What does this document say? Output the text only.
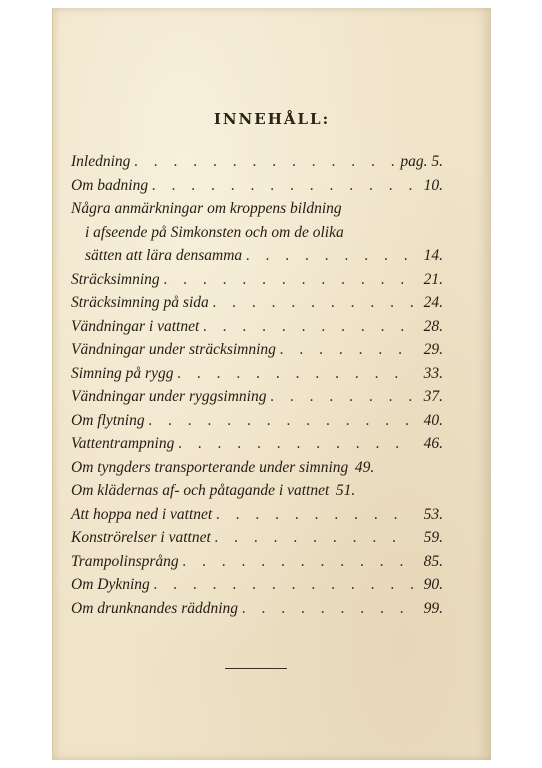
INNEHÅLL:
Inledning . . .	pag. 5.
Om badning . . .	10.
Några anmärkningar om kroppens bildning
i afseende på Simkonsten och om de olika
sätten att lära densamma . . .	14.
Sträcksimning . . .	21.
Sträcksimning på sida . . .	24.
Vändningar i vattnet . . .	28.
Vändningar under sträcksimning . . .	29.
Simning på rygg . . .	33.
Vändningar under ryggsimning . . .	37.
Om flytning . . .	40.
Vattentrampning . . .	46.
Om tyngders transporterande under simning 49.
Om klädernas af- och påtagande i vattnet 51.
Att hoppa ned i vattnet . . .	53.
Konströrelser i vattnet . . .	59.
Trampolinsprång . . .	85.
Om Dykning . . .	90.
Om drunknandes räddning . . .	99.
